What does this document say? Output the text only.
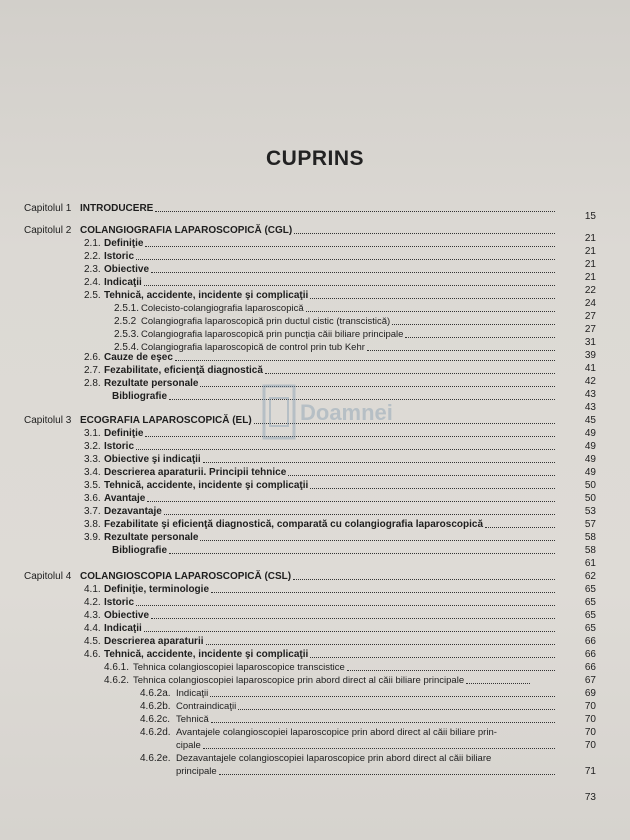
CUPRINS
Capitolul 1 INTRODUCERE
15
Capitolul 2 COLANGIOGRAFIA LAPAROSCOPICĂ (CGL)
21
2.1. Definiţie
21
2.2. Istoric
21
2.3. Obiective
21
2.4. Indicaţii
22
2.5. Tehnică, accidente, incidente şi complicaţii
24
2.5.1. Colecisto-colangiografia laparoscopică
27
2.5.2 Colangiografia laparoscopică prin ductul cistic (transcistică)
27
2.5.3. Colangiografia laparoscopică prin puncţia căii biliare principale
31
2.5.4. Colangiografia laparoscopică de control prin tub Kehr
39
2.6. Cauze de eşec
41
2.7. Fezabilitate, eficienţă diagnostică
42
2.8. Rezultate personale
43
Bibliografie
43
45
Capitolul 3 ECOGRAFIA LAPAROSCOPICĂ (EL)
49
3.1. Definiţie
49
3.2. Istoric
49
3.3. Obiective şi indicaţii
49
3.4. Descrierea aparaturii. Principii tehnice
50
3.5. Tehnică, accidente, incidente şi complicaţii
50
3.6. Avantaje
53
3.7. Dezavantaje
57
3.8. Fezabilitate şi eficienţă diagnostică, comparată cu colangiografia laparoscopică
58
3.9. Rezultate personale
58
Bibliografie
61
62
Capitolul 4 COLANGIOSCOPIA LAPAROSCOPICĂ (CSL)
65
4.1. Definiţie, terminologie
65
4.2. Istoric
65
4.3. Obiective
65
4.4. Indicaţii
66
4.5. Descrierea aparaturii
66
4.6. Tehnică, accidente, incidente şi complicaţii
66
4.6.1. Tehnica colangioscopiei laparoscopice transcistice
67
4.6.2. Tehnica colangioscopiei laparoscopice prin abord direct al căii biliare principale
69
4.6.2a. Indicaţii
70
4.6.2b. Contraindicaţii
70
4.6.2c. Tehnică
70
4.6.2d. Avantajele colangioscopiei laparoscopice prin abord direct al căii biliare prin-
cipale	70
4.6.2e. Dezavantajele colangioscopiei laparoscopice prin abord direct al căii biliare
principale	71
73
Doamnei
